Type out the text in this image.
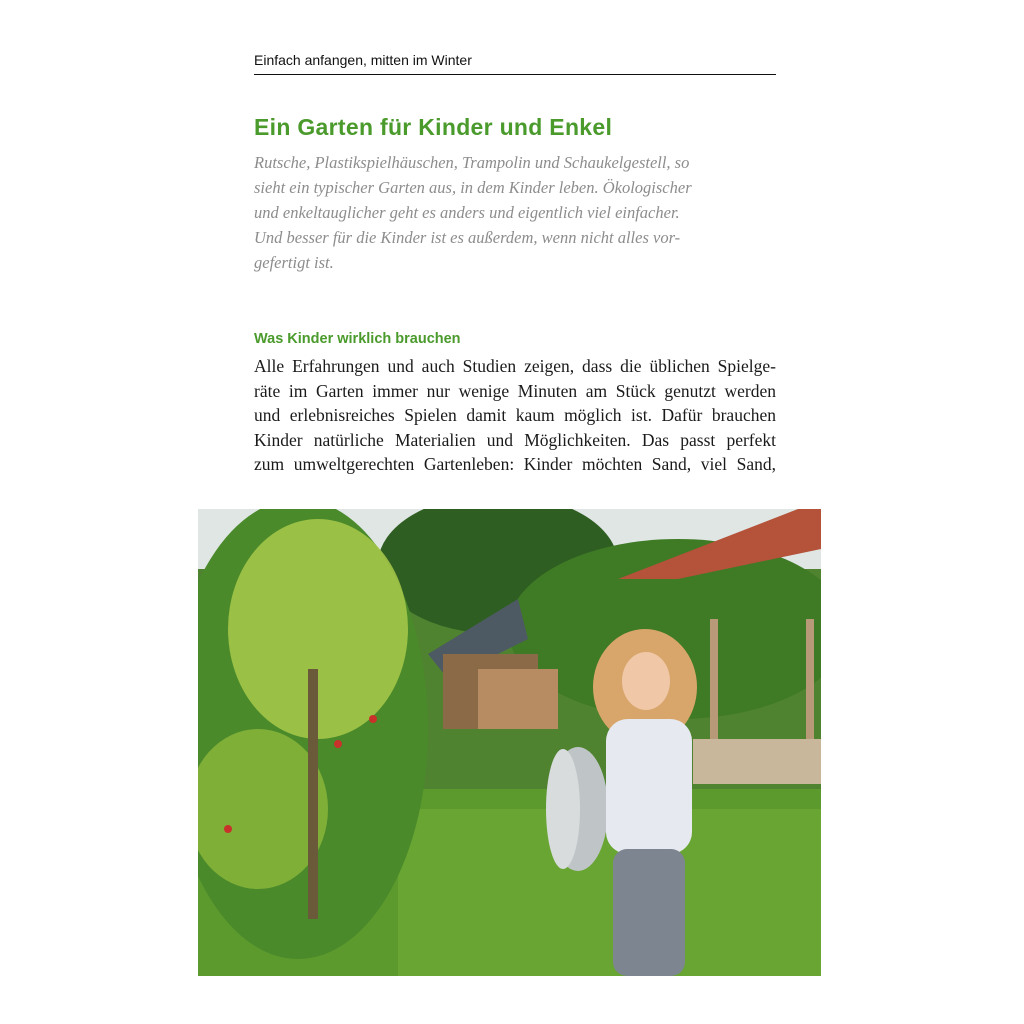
Einfach anfangen, mitten im Winter
Ein Garten für Kinder und Enkel
Rutsche, Plastikspielhäuschen, Trampolin und Schaukelgestell, so
sieht ein typischer Garten aus, in dem Kinder leben. Ökologischer
und enkeltauglicher geht es anders und eigentlich viel einfacher.
Und besser für die Kinder ist es außerdem, wenn nicht alles vor-
gefertigt ist.
Was Kinder wirklich brauchen
Alle Erfahrungen und auch Studien zeigen, dass die üblichen Spielge-
räte im Garten immer nur wenige Minuten am Stück genutzt werden
und erlebnisreiches Spielen damit kaum möglich ist. Dafür brauchen
Kinder natürliche Materialien und Möglichkeiten. Das passt perfekt
zum umweltgerechten Gartenleben: Kinder möchten Sand, viel Sand,
